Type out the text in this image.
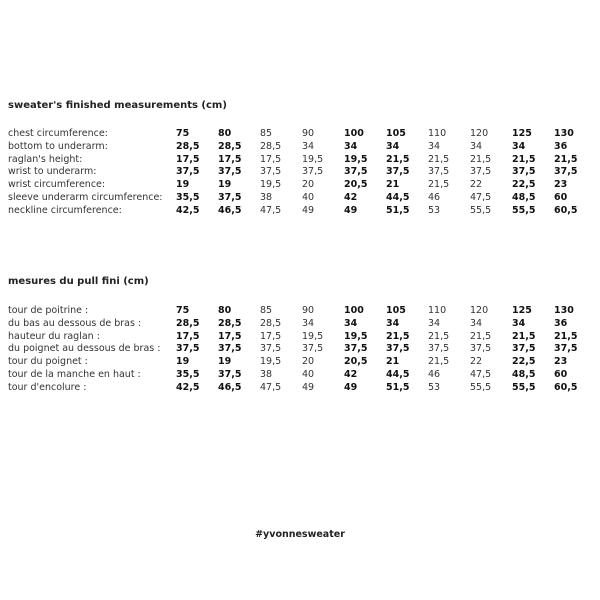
sweater's finished measurements (cm)
chest circumference:	75	80	85	90	100	105	110	120	125	130
bottom to underarm:	28,5	28,5	28,5	34	34	34	34	34	34	36
raglan's height:	17,5	17,5	17,5	19,5	19,5	21,5	21,5	21,5	21,5	21,5
wrist to underarm:	37,5	37,5	37,5	37,5	37,5	37,5	37,5	37,5	37,5	37,5
wrist circumference:	19	19	19,5	20	20,5	21	21,5	22	22,5	23
sleeve underarm circumference:	35,5	37,5	38	40	42	44,5	46	47,5	48,5	60
neckline circumference:	42,5	46,5	47,5	49	49	51,5	53	55,5	55,5	60,5
mesures du pull fini (cm)
tour de poitrine :	75	80	85	90	100	105	110	120	125	130
du bas au dessous de bras :	28,5	28,5	28,5	34	34	34	34	34	34	36
hauteur du raglan :	17,5	17,5	17,5	19,5	19,5	21,5	21,5	21,5	21,5	21,5
du poignet au dessous de bras :	37,5	37,5	37,5	37,5	37,5	37,5	37,5	37,5	37,5	37,5
tour du poignet :	19	19	19,5	20	20,5	21	21,5	22	22,5	23
tour de la manche en haut :	35,5	37,5	38	40	42	44,5	46	47,5	48,5	60
tour d'encolure :	42,5	46,5	47,5	49	49	51,5	53	55,5	55,5	60,5
#yvonnesweater
